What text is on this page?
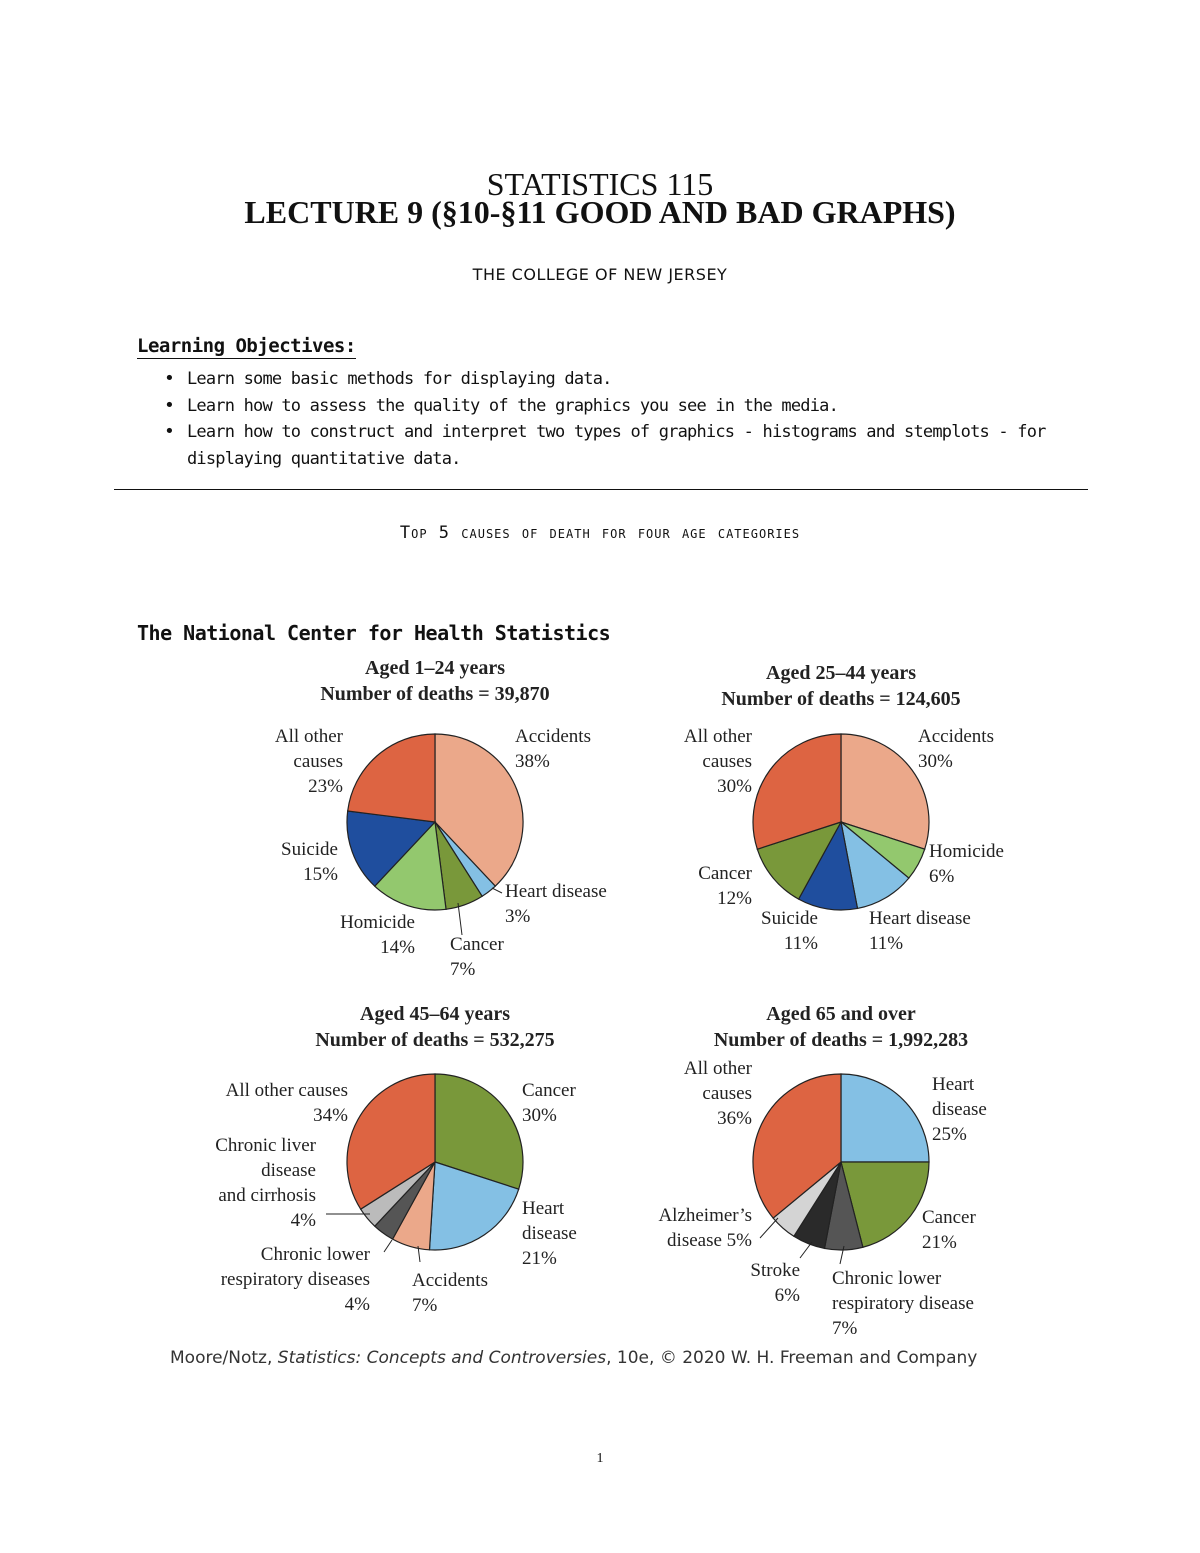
STATISTICS 115
LECTURE 9 (§10-§11 GOOD AND BAD GRAPHS)
THE COLLEGE OF NEW JERSEY
Learning Objectives:
• Learn some basic methods for displaying data.
• Learn how to assess the quality of the graphics you see in the media.
• Learn how to construct and interpret two types of graphics - histograms and stemplots - for displaying quantitative data.
Top 5 causes of death for four age categories
The National Center for Health Statistics
Aged 1–24 years
Number of deaths = 39,870
Accidents 38%
Heart disease 3%
Cancer 7%
Homicide 14%
Suicide 15%
All other causes 23%
Aged 25–44 years
Number of deaths = 124,605
Accidents 30%
Homicide 6%
Heart disease 11%
Suicide 11%
Cancer 12%
All other causes 30%
Aged 45–64 years
Number of deaths = 532,275
Cancer 30%
Heart disease 21%
Accidents 7%
Chronic lower respiratory diseases 4%
Chronic liver disease and cirrhosis 4%
All other causes 34%
Aged 65 and over
Number of deaths = 1,992,283
Heart disease 25%
Cancer 21%
Chronic lower respiratory disease 7%
Stroke 6%
Alzheimer’s disease 5%
All other causes 36%
Moore/Notz, Statistics: Concepts and Controversies, 10e, © 2020 W. H. Freeman and Company
1
